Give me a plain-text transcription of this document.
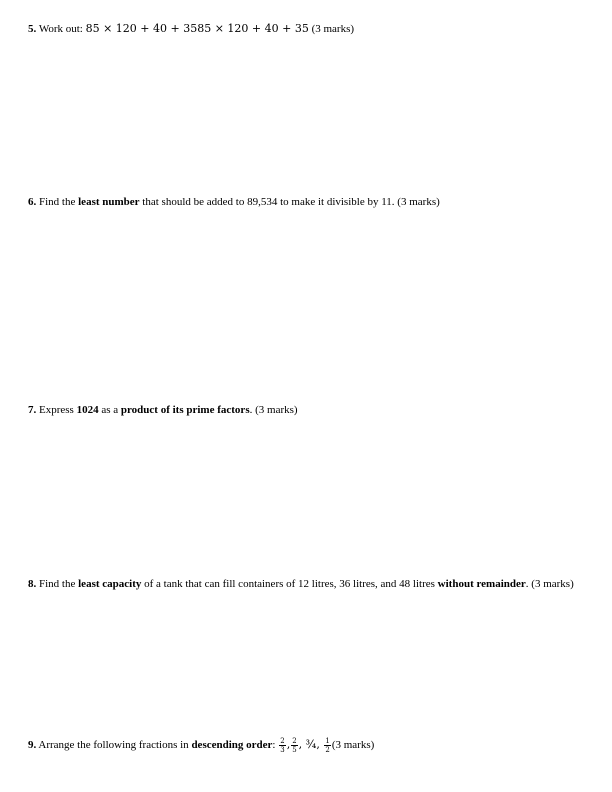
5. Work out: 85 × 120 + 40 + 3585 × 120 + 40 + 35 (3 marks)
6. Find the least number that should be added to 89,534 to make it divisible by 11. (3 marks)
7. Express 1024 as a product of its prime factors. (3 marks)
8. Find the least capacity of a tank that can fill containers of 12 litres, 36 litres, and 48 litres without remainder. (3 marks)
9. Arrange the following fractions in descending order: $\frac{2}{3}$ , $\frac{2}{5}$ , ¾, $\frac{1}{2} (3$ marks)
